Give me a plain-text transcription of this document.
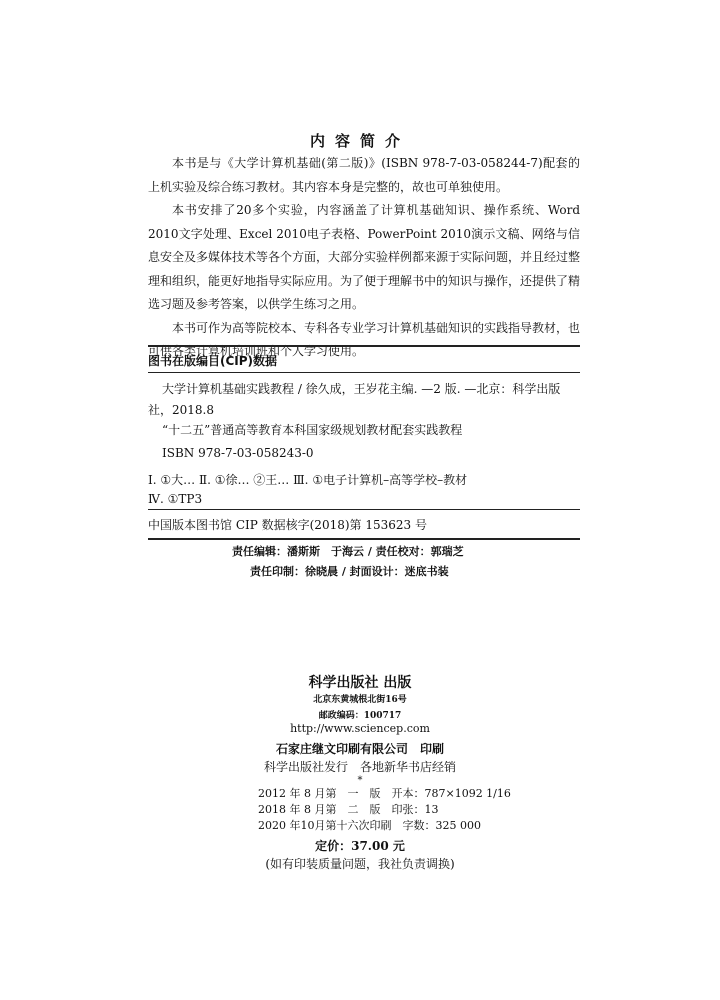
内容简介

本书是与《大学计算机基础(第二版)》(ISBN 978-7-03-058244-7)配套的上机实验及综合练习教材。其内容本身是完整的，故也可单独使用。

本书安排了20多个实验，内容涵盖了计算机基础知识、操作系统、Word 2010文字处理、Excel 2010电子表格、PowerPoint 2010演示文稿、网络与信息安全及多媒体技术等各个方面，大部分实验样例都来源于实际问题，并且经过整理和组织，能更好地指导实际应用。为了便于理解书中的知识与操作，还提供了精选习题及参考答案，以供学生练习之用。

本书可作为高等院校本、专科各专业学习计算机基础知识的实践指导教材，也可供各类计算机培训班和个人学习使用。

图书在版编目(CIP)数据
大学计算机基础实践教程 / 徐久成，王岁花主编. —2 版. —北京：科学出版
社，2018.8
“十二五”普通高等教育本科国家级规划教材配套实践教程
ISBN 978-7-03-058243-0
Ⅰ. ①大… Ⅱ. ①徐… ②王… Ⅲ. ①电子计算机–高等学校–教材
Ⅳ. ①TP3
中国版本图书馆 CIP 数据核字(2018)第 153623 号
责任编辑：潘斯斯　于海云 / 责任校对：郭瑞芝
责任印制：徐晓晨 / 封面设计：迷底书装
科学出版社 出版
北京东黄城根北街16号
邮政编码：100717
http://www.sciencep.com
石家庄继文印刷有限公司　印刷
科学出版社发行　各地新华书店经销
*
2012 年 8 月第　一　版　开本：787×1092 1/16
2018 年 8 月第　二　版　印张：13
2020 年10月第十六次印刷　字数：325 000
定价：37.00 元
(如有印装质量问题，我社负责调换)
